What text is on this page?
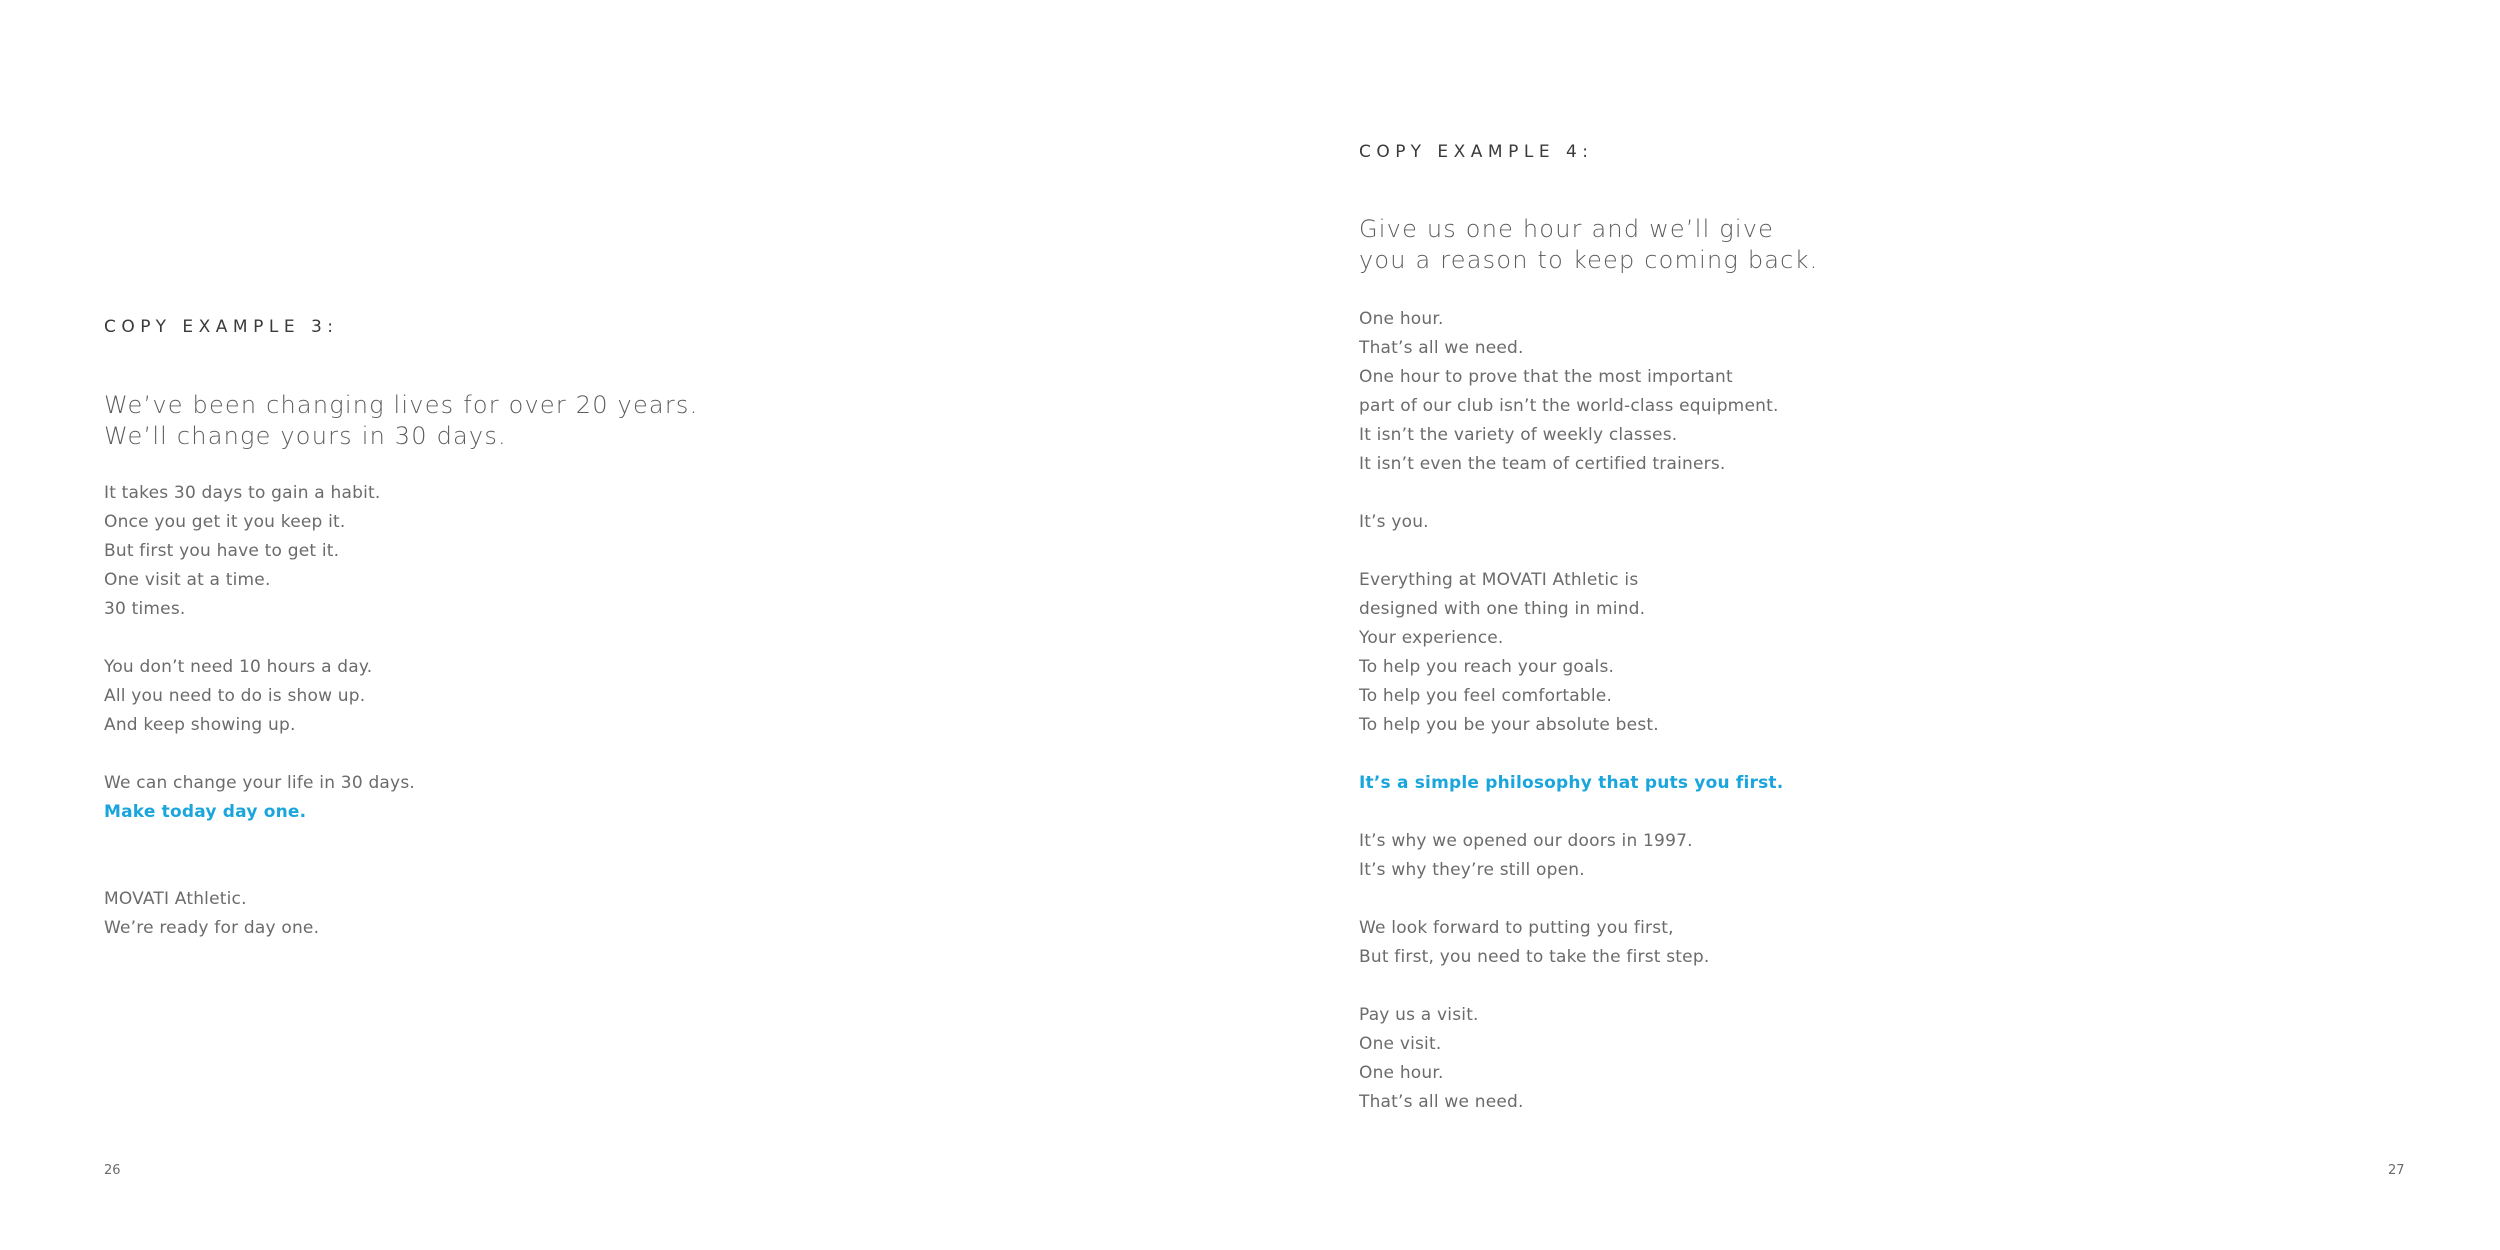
COPY EXAMPLE 3:

We’ve been changing lives for over 20 years.

We’ll change yours in 30 days.

It takes 30 days to gain a habit.

Once you get it you keep it.

But first you have to get it.

One visit at a time.

30 times.

You don’t need 10 hours a day.

All you need to do is show up.

And keep showing up.

We can change your life in 30 days.

Make today day one.

MOVATI Athletic.

We’re ready for day one.

26
COPY EXAMPLE 4:

Give us one hour and we’ll give

you a reason to keep coming back.

One hour.

That’s all we need.

One hour to prove that the most important

part of our club isn’t the world-class equipment.

It isn’t the variety of weekly classes.

It isn’t even the team of certified trainers.

It’s you.

Everything at MOVATI Athletic is

designed with one thing in mind.

Your experience.

To help you reach your goals.

To help you feel comfortable.

To help you be your absolute best.

It’s a simple philosophy that puts you first.

It’s why we opened our doors in 1997.

It’s why they’re still open.

We look forward to putting you first,

But first, you need to take the first step.

Pay us a visit.

One visit.

One hour.

That’s all we need.

27
